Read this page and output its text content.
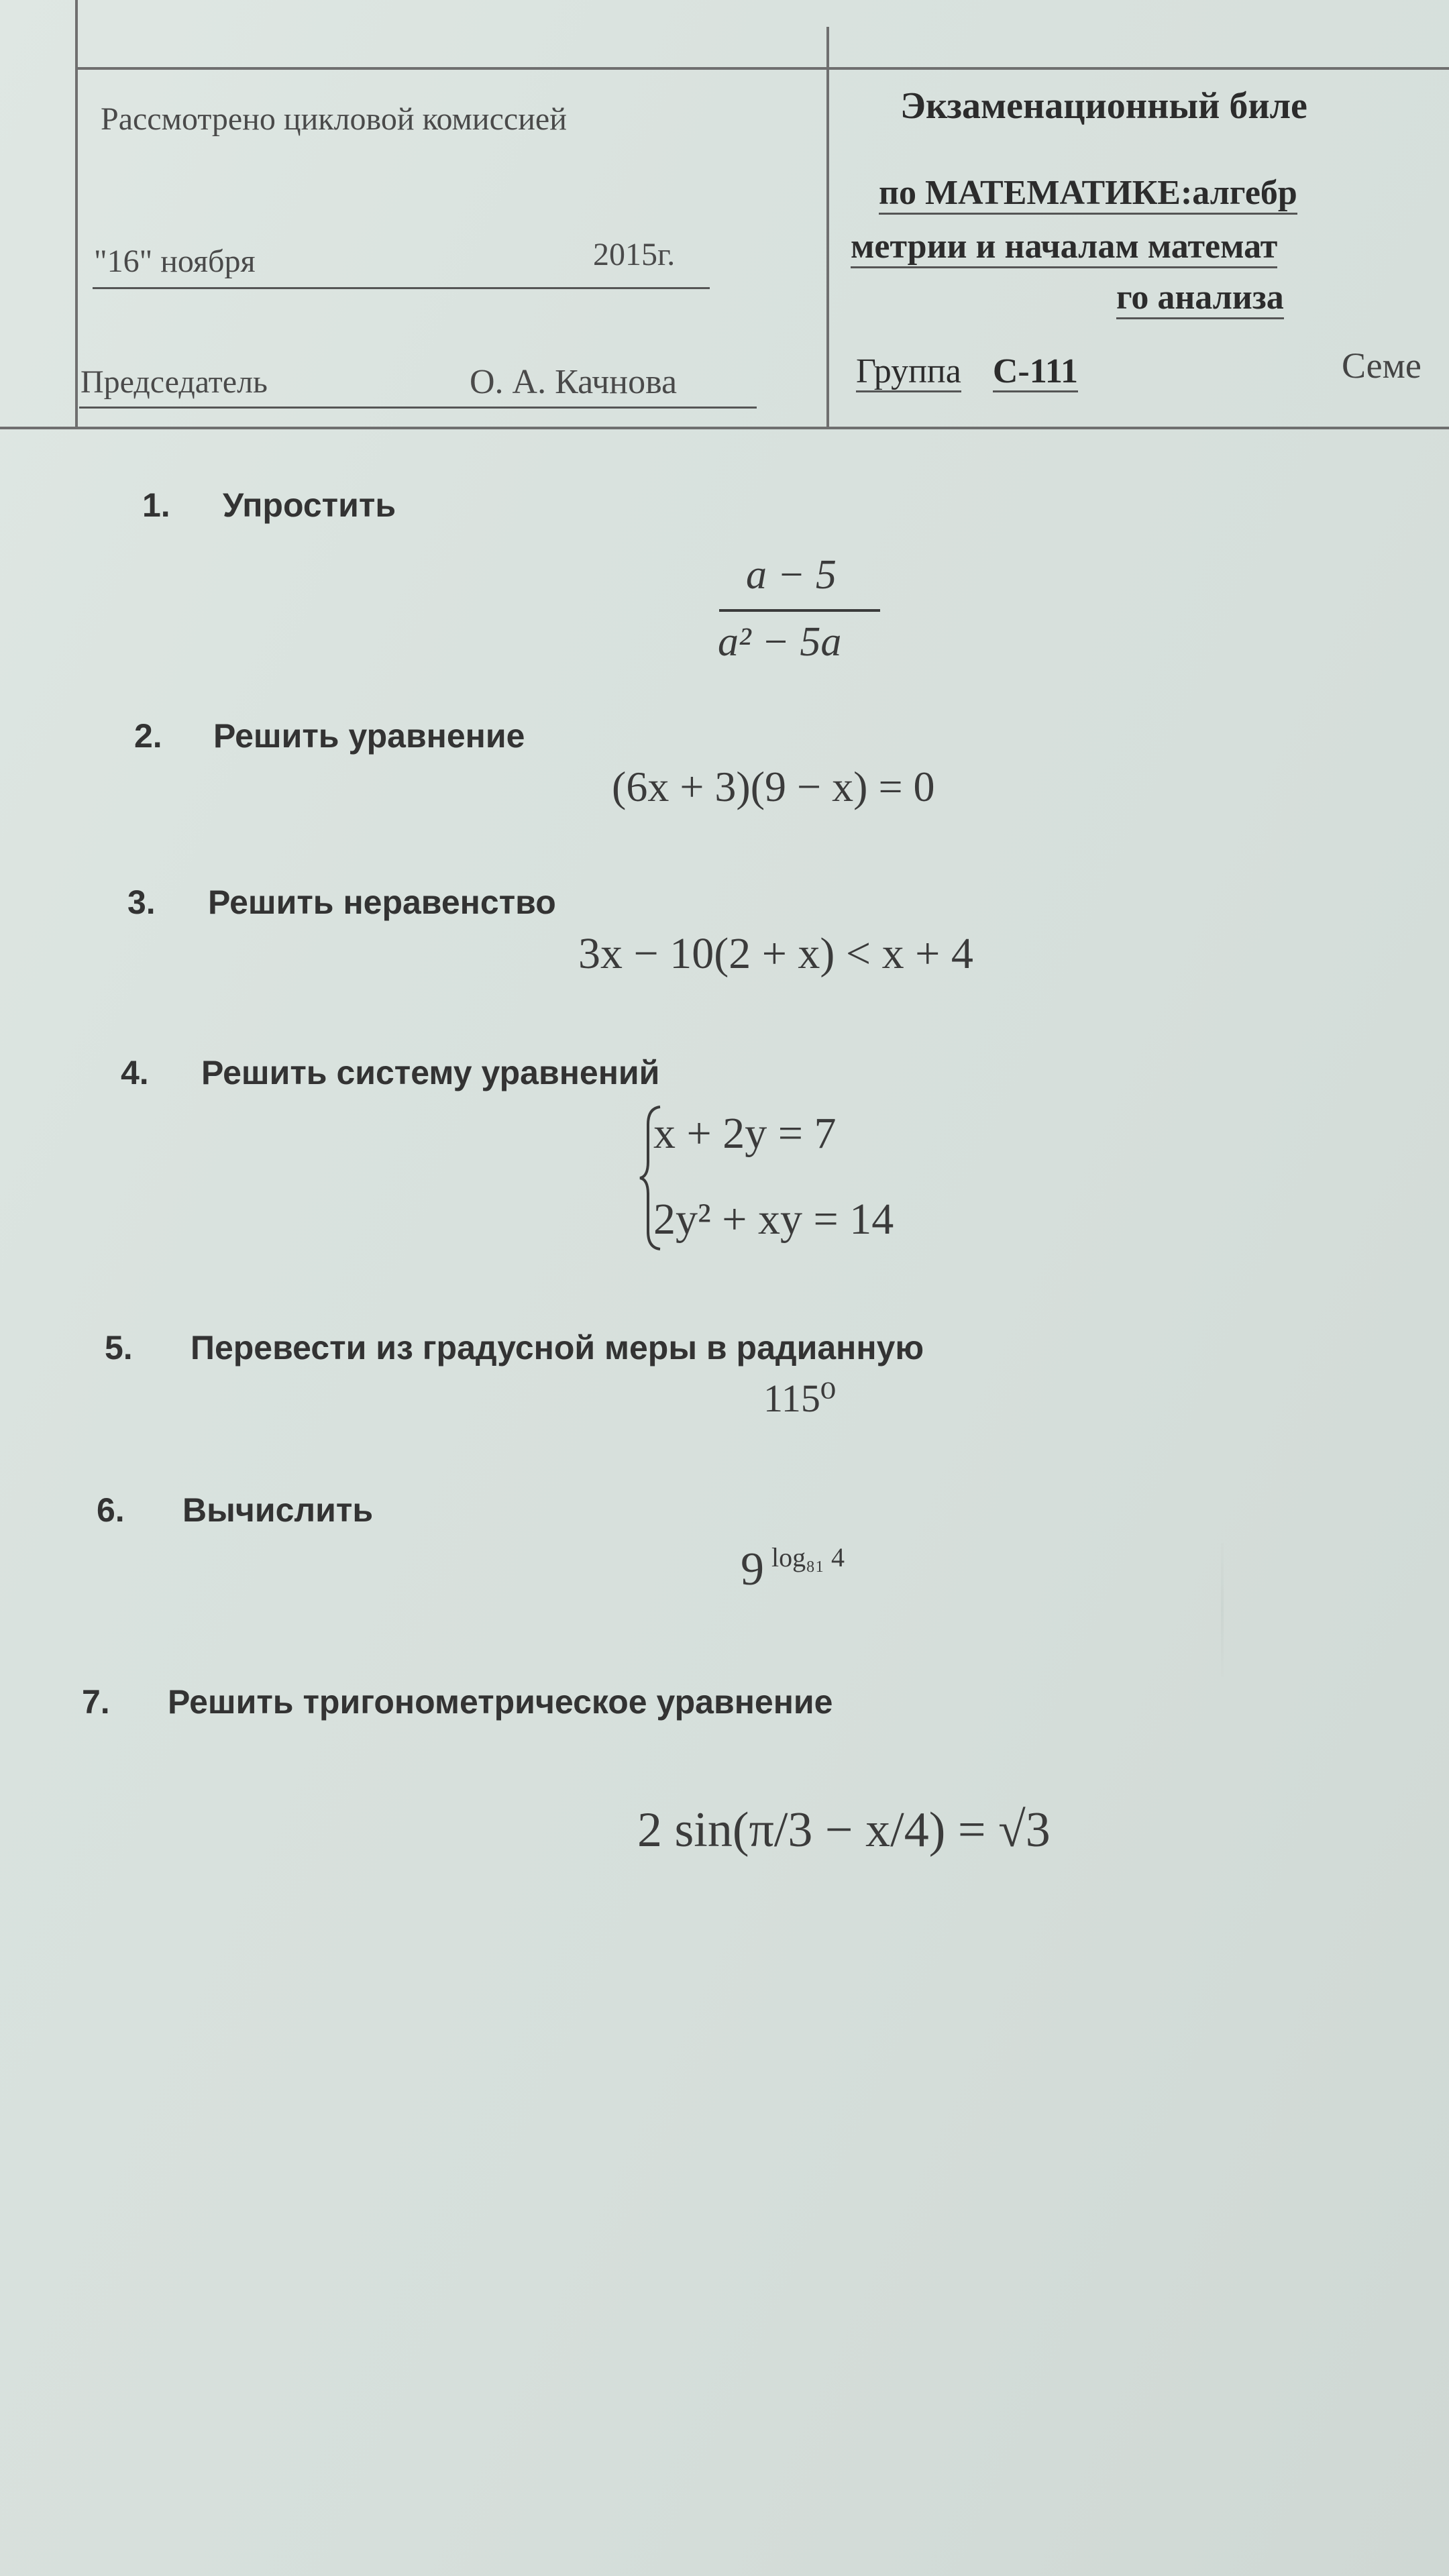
Рассмотрено цикловой комиссией
"16" ноября	2015г.
Председатель	О. А. Качнова
Экзаменационный биле
по МАТЕМАТИКЕ:алгебр
метрии и началам математ
го анализа
Группа С-111	Семе
1. Упростить
a − 5
a² − 5a
2. Решить уравнение
(6x + 3)(9 − x) = 0
3. Решить неравенство
3x − 10(2 + x) < x + 4
4. Решить систему уравнений
x + 2y = 7
2y² + xy = 14
5. Перевести из градусной меры в радианную
115⁰
6. Вычислить
9 log₈₁ 4
7. Решить тригонометрическое уравнение
2 sin(π/3 − x/4) = √3
